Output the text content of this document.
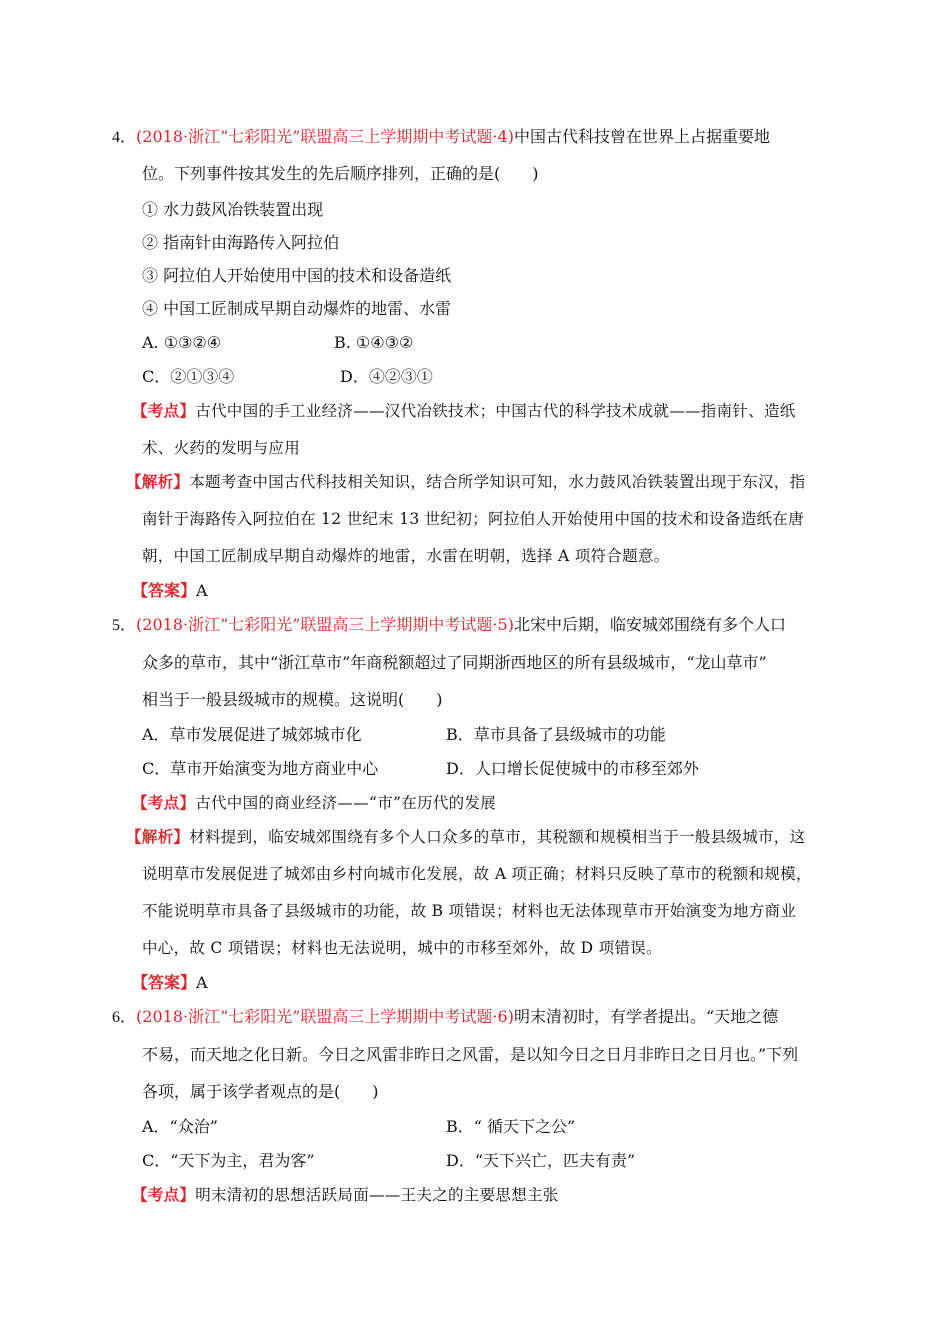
4．(2018·浙江“七彩阳光”联盟高三上学期期中考试题·4)中国古代科技曾在世界上占据重要地
位。下列事件按其发生的先后顺序排列，正确的是(　　)
① 水力鼓风冶铁装置出现
② 指南针由海路传入阿拉伯
③ 阿拉伯人开始使用中国的技术和设备造纸
④ 中国工匠制成早期自动爆炸的地雷、水雷
A. ①③②④	B. ①④③②
C．②①③④	D．④②③①
【考点】古代中国的手工业经济——汉代冶铁技术；中国古代的科学技术成就——指南针、造纸
术、火药的发明与应用
【解析】本题考查中国古代科技相关知识，结合所学知识可知，水力鼓风冶铁装置出现于东汉，指
南针于海路传入阿拉伯在 12 世纪末 13 世纪初；阿拉伯人开始使用中国的技术和设备造纸在唐
朝，中国工匠制成早期自动爆炸的地雷，水雷在明朝，选择 A 项符合题意。
【答案】A
5．(2018·浙江“七彩阳光”联盟高三上学期期中考试题·5)北宋中后期，临安城郊围绕有多个人口
众多的草市，其中“浙江草市”年商税额超过了同期浙西地区的所有县级城市，“龙山草市”
相当于一般县级城市的规模。这说明(　　)
A．草市发展促进了城郊城市化	B．草市具备了县级城市的功能
C．草市开始演变为地方商业中心	D．人口增长促使城中的市移至郊外
【考点】古代中国的商业经济——“市”在历代的发展
【解析】材料提到，临安城郊围绕有多个人口众多的草市，其税额和规模相当于一般县级城市，这
说明草市发展促进了城郊由乡村向城市化发展，故 A 项正确；材料只反映了草市的税额和规模，
不能说明草市具备了县级城市的功能，故 B 项错误；材料也无法体现草市开始演变为地方商业
中心，故 C 项错误；材料也无法说明，城中的市移至郊外，故 D 项错误。
【答案】A
6．(2018·浙江“七彩阳光”联盟高三上学期期中考试题·6)明末清初时，有学者提出。“天地之德
不易，而天地之化日新。今日之风雷非昨日之风雷，是以知今日之日月非昨日之日月也。”下列
各项，属于该学者观点的是(　　)
A．“众治”	B．“ 循天下之公”
C．“天下为主，君为客”	D．“天下兴亡，匹夫有责”
【考点】明末清初的思想活跃局面——王夫之的主要思想主张
